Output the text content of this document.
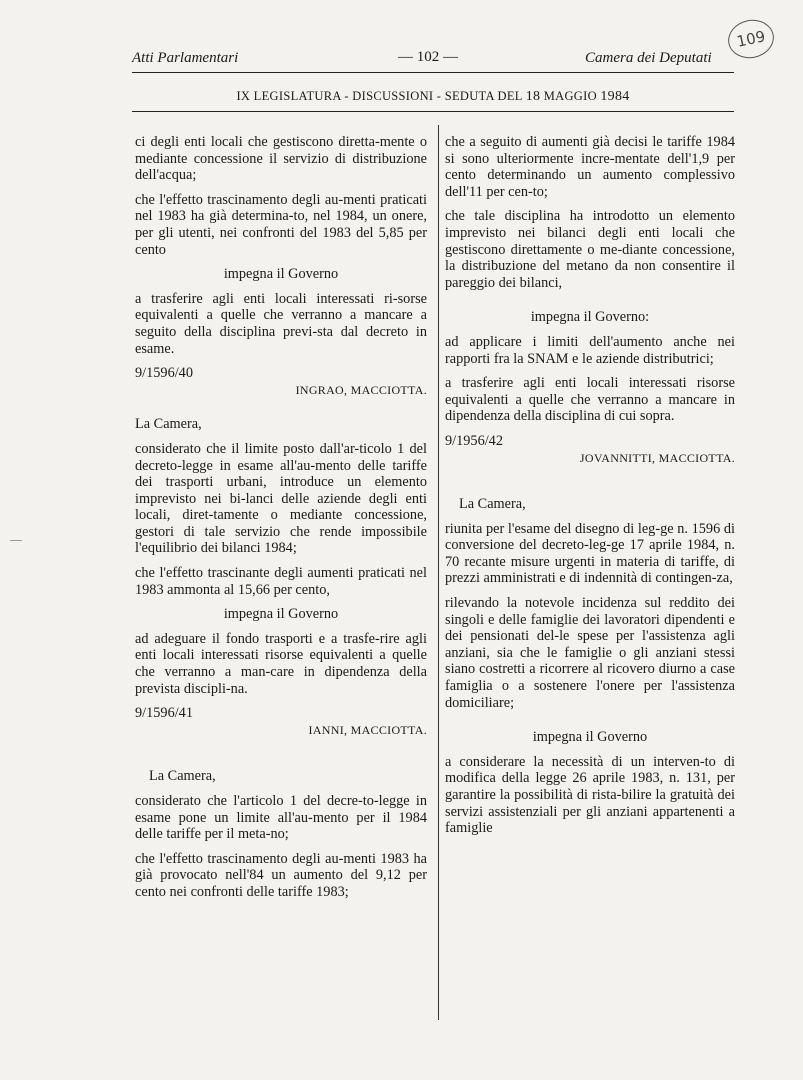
109
Atti Parlamentari	— 102 —	Camera dei Deputati
IX LEGISLATURA - DISCUSSIONI - SEDUTA DEL 18 MAGGIO 1984

ci degli enti locali che gestiscono diretta-mente o mediante concessione il servizio di distribuzione dell'acqua;

che l'effetto trascinamento degli au-menti praticati nel 1983 ha già determina-to, nel 1984, un onere, per gli utenti, nei confronti del 1983 del 5,85 per cento

impegna il Governo

a trasferire agli enti locali interessati ri-sorse equivalenti a quelle che verranno a mancare a seguito della disciplina previ-sta dal decreto in esame.

9/1596/40

INGRAO, MACCIOTTA.

La Camera,

considerato che il limite posto dall'ar-ticolo 1 del decreto-legge in esame all'au-mento delle tariffe dei trasporti urbani, introduce un elemento imprevisto nei bi-lanci delle aziende degli enti locali, diret-tamente o mediante concessione, gestori di tale servizio che rende impossibile l'equilibrio dei bilanci 1984;

che l'effetto trascinante degli aumenti praticati nel 1983 ammonta al 15,66 per cento,

impegna il Governo

ad adeguare il fondo trasporti e a trasfe-rire agli enti locali interessati risorse equivalenti a quelle che verranno a man-care in dipendenza della prevista discipli-na.

9/1596/41

IANNI, MACCIOTTA.

La Camera,

considerato che l'articolo 1 del decre-to-legge in esame pone un limite all'au-mento per il 1984 delle tariffe per il meta-no;

che l'effetto trascinamento degli au-menti 1983 ha già provocato nell'84 un aumento del 9,12 per cento nei confronti delle tariffe 1983;

che a seguito di aumenti già decisi le tariffe 1984 si sono ulteriormente incre-mentate dell'1,9 per cento determinando un aumento complessivo dell'11 per cen-to;

che tale disciplina ha introdotto un elemento imprevisto nei bilanci degli enti locali che gestiscono direttamente o me-diante concessione, la distribuzione del metano da non consentire il pareggio dei bilanci,

impegna il Governo:

ad applicare i limiti dell'aumento anche nei rapporti fra la SNAM e le aziende distributrici;

a trasferire agli enti locali interessati risorse equivalenti a quelle che verranno a mancare in dipendenza della disciplina di cui sopra.

9/1956/42

JOVANNITTI, MACCIOTTA.

La Camera,

riunita per l'esame del disegno di leg-ge n. 1596 di conversione del decreto-leg-ge 17 aprile 1984, n. 70 recante misure urgenti in materia di tariffe, di prezzi amministrati e di indennità di contingen-za,

rilevando la notevole incidenza sul reddito dei singoli e delle famiglie dei lavoratori dipendenti e dei pensionati del-le spese per l'assistenza agli anziani, sia che le famiglie o gli anziani stessi siano costretti a ricorrere al ricovero diurno a case famiglia o a sostenere l'onere per l'assistenza domiciliare;

impegna il Governo

a considerare la necessità di un interven-to di modifica della legge 26 aprile 1983, n. 131, per garantire la possibilità di rista-bilire la gratuità dei servizi assistenziali per gli anziani appartenenti a famiglie
